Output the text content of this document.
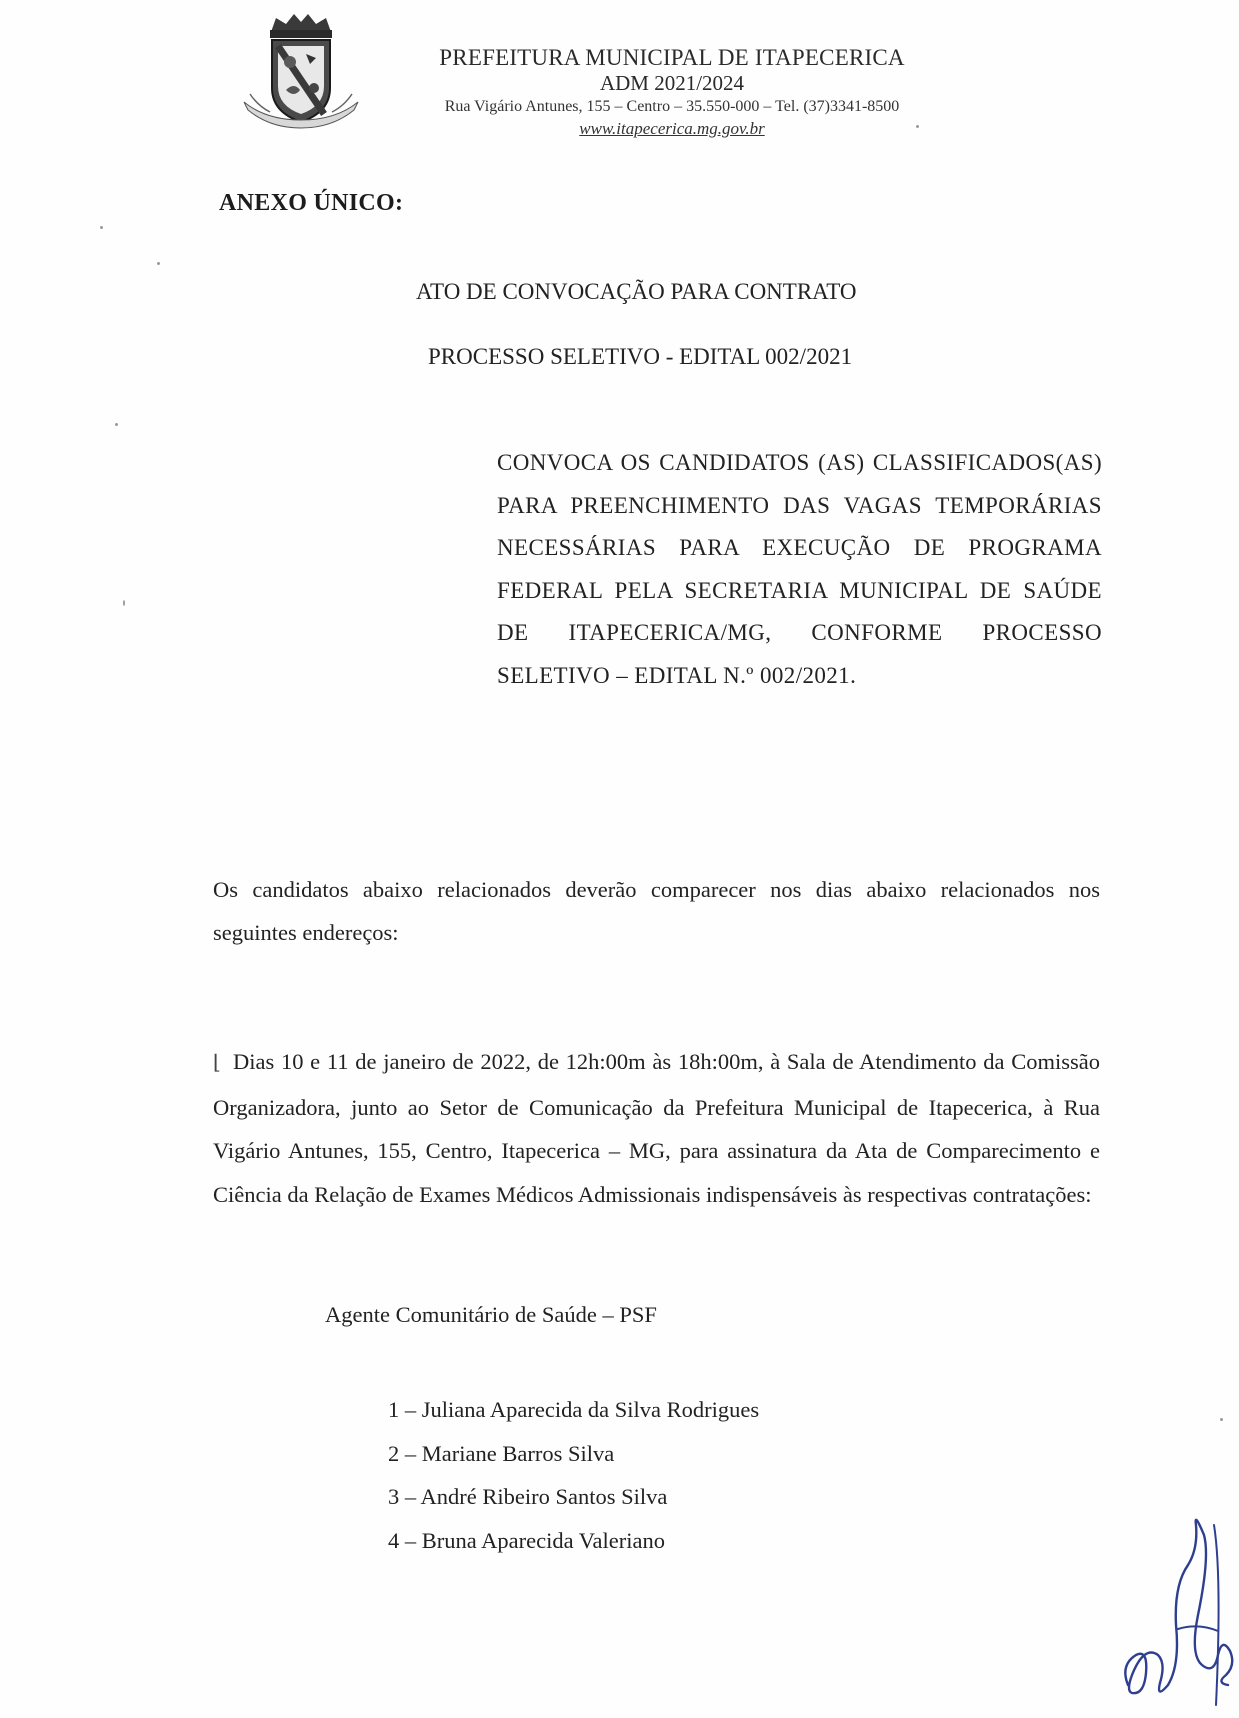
PREFEITURA MUNICIPAL DE ITAPECERICA
ADM 2021/2024
Rua Vigário Antunes, 155 – Centro – 35.550-000 – Tel. (37)3341-8500
www.itapecerica.mg.gov.br
ANEXO ÚNICO:
ATO DE CONVOCAÇÃO PARA CONTRATO
PROCESSO SELETIVO - EDITAL 002/2021
CONVOCA OS CANDIDATOS (AS) CLASSIFICADOS(AS) PARA PREENCHIMENTO DAS VAGAS TEMPORÁRIAS NECESSÁRIAS PARA EXECUÇÃO DE PROGRAMA FEDERAL PELA SECRETARIA MUNICIPAL DE SAÚDE DE ITAPECERICA/MG, CONFORME PROCESSO SELETIVO – EDITAL N.º 002/2021.
Os candidatos abaixo relacionados deverão comparecer nos dias abaixo relacionados nos seguintes endereços:
⌊ Dias 10 e 11 de janeiro de 2022, de 12h:00m às 18h:00m, à Sala de Atendimento da Comissão Organizadora, junto ao Setor de Comunicação da Prefeitura Municipal de Itapecerica, à Rua Vigário Antunes, 155, Centro, Itapecerica – MG, para assinatura da Ata de Comparecimento e Ciência da Relação de Exames Médicos Admissionais indispensáveis às respectivas contratações:
Agente Comunitário de Saúde – PSF
1 – Juliana Aparecida da Silva Rodrigues
2 – Mariane Barros Silva
3 – André Ribeiro Santos Silva
4 – Bruna Aparecida Valeriano
